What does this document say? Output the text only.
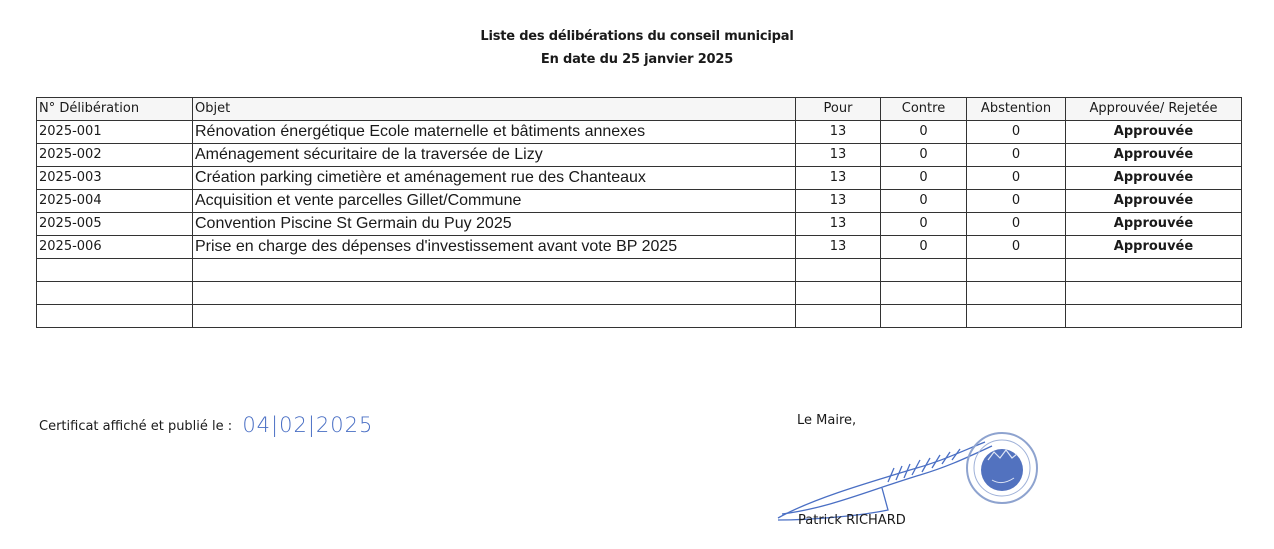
Liste des délibérations du conseil municipal
En date du 25 janvier 2025
N° Délibération	Objet	Pour	Contre	Abstention	Approuvée/ Rejetée
2025-001	Rénovation énergétique Ecole maternelle et bâtiments annexes	13	0	0	Approuvée
2025-002	Aménagement sécuritaire de la traversée de Lizy	13	0	0	Approuvée
2025-003	Création parking cimetière et aménagement rue des Chanteaux	13	0	0	Approuvée
2025-004	Acquisition et vente parcelles Gillet/Commune	13	0	0	Approuvée
2025-005	Convention Piscine St Germain du Puy 2025	13	0	0	Approuvée
2025-006	Prise en charge des dépenses d'investissement avant vote BP 2025	13	0	0	Approuvée

Certificat affiché et publié le : 04|02|2025	Le Maire,
Patrick RICHARD
